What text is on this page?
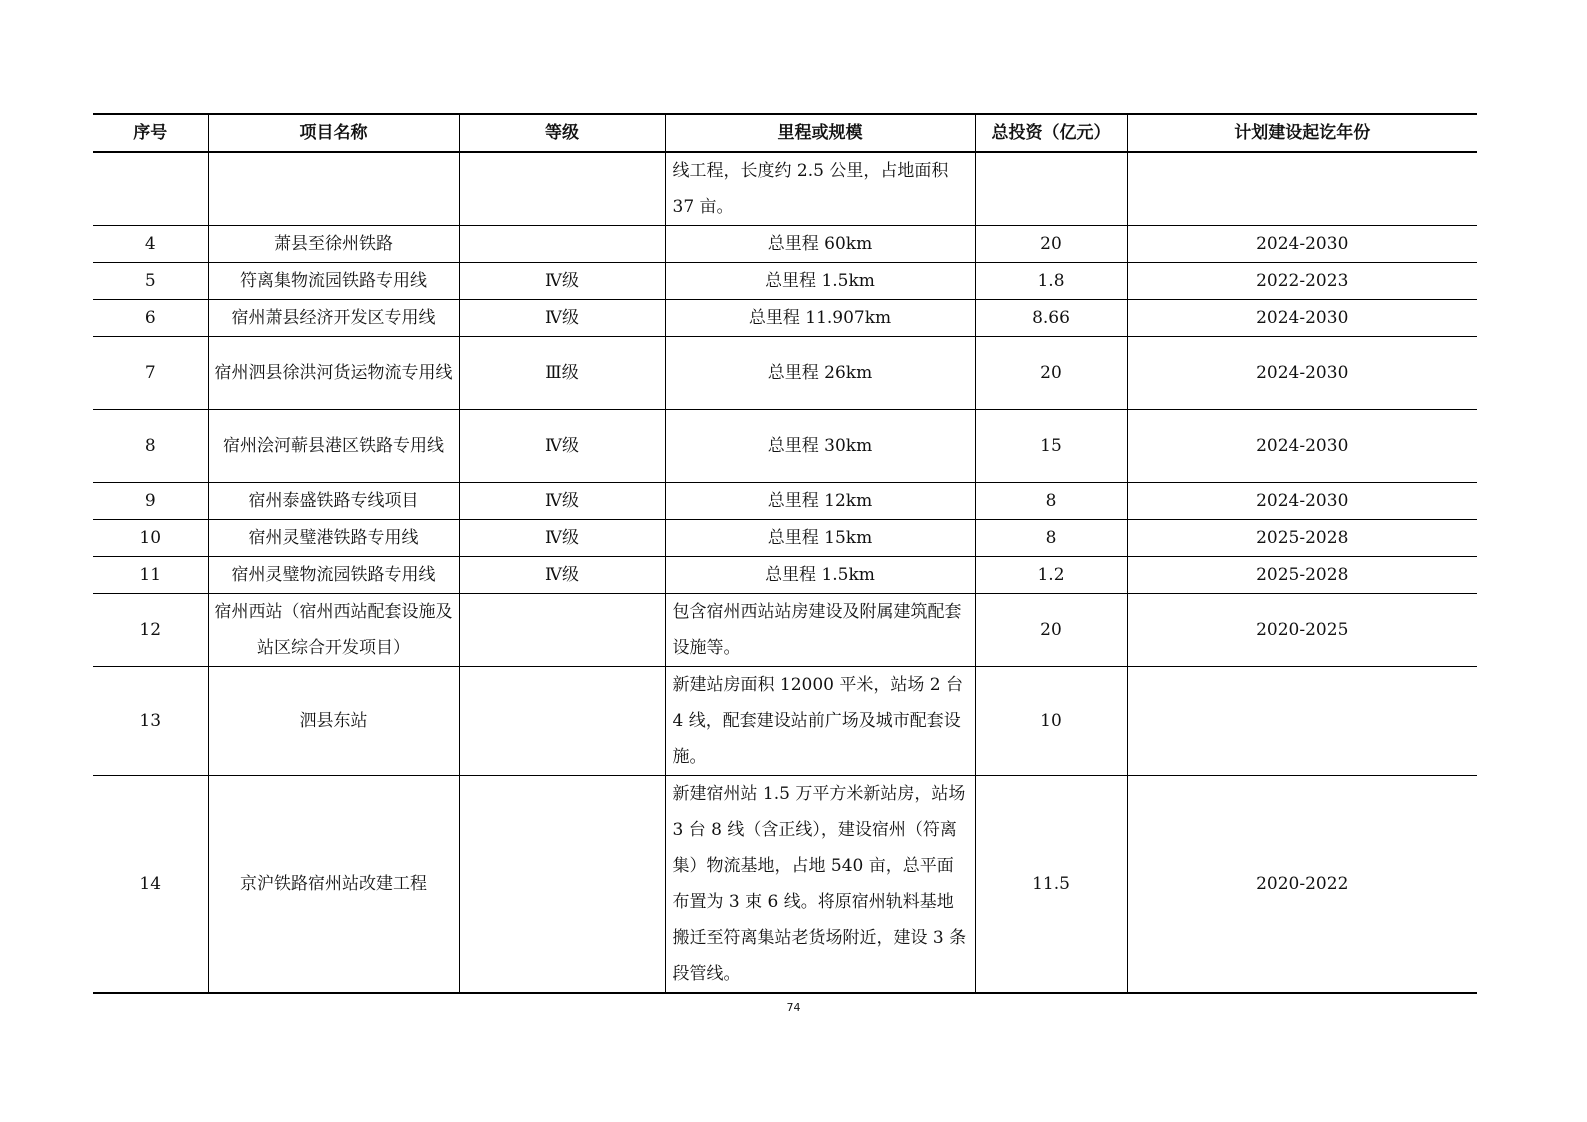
序号	项目名称	等级	里程或规模	总投资（亿元）	计划建设起讫年份
			线工程，长度约 2.5 公里，占地面积 37 亩。		
4	萧县至徐州铁路		总里程 60km	20	2024-2030
5	符离集物流园铁路专用线	Ⅳ级	总里程 1.5km	1.8	2022-2023
6	宿州萧县经济开发区专用线	Ⅳ级	总里程 11.907km	8.66	2024-2030
7	宿州泗县徐洪河货运物流专用线	Ⅲ级	总里程 26km	20	2024-2030
8	宿州浍河蕲县港区铁路专用线	Ⅳ级	总里程 30km	15	2024-2030
9	宿州泰盛铁路专线项目	Ⅳ级	总里程 12km	8	2024-2030
10	宿州灵璧港铁路专用线	Ⅳ级	总里程 15km	8	2025-2028
11	宿州灵璧物流园铁路专用线	Ⅳ级	总里程 1.5km	1.2	2025-2028
12	宿州西站（宿州西站配套设施及站区综合开发项目）		包含宿州西站站房建设及附属建筑配套设施等。	20	2020-2025
13	泗县东站		新建站房面积 12000 平米，站场 2 台 4 线，配套建设站前广场及城市配套设施。	10	
14	京沪铁路宿州站改建工程		新建宿州站 1.5 万平方米新站房，站场 3 台 8 线（含正线），建设宿州（符离集）物流基地，占地 540 亩，总平面布置为 3 束 6 线。将原宿州轨料基地搬迁至符离集站老货场附近，建设 3 条段管线。	11.5	2020-2022
74
